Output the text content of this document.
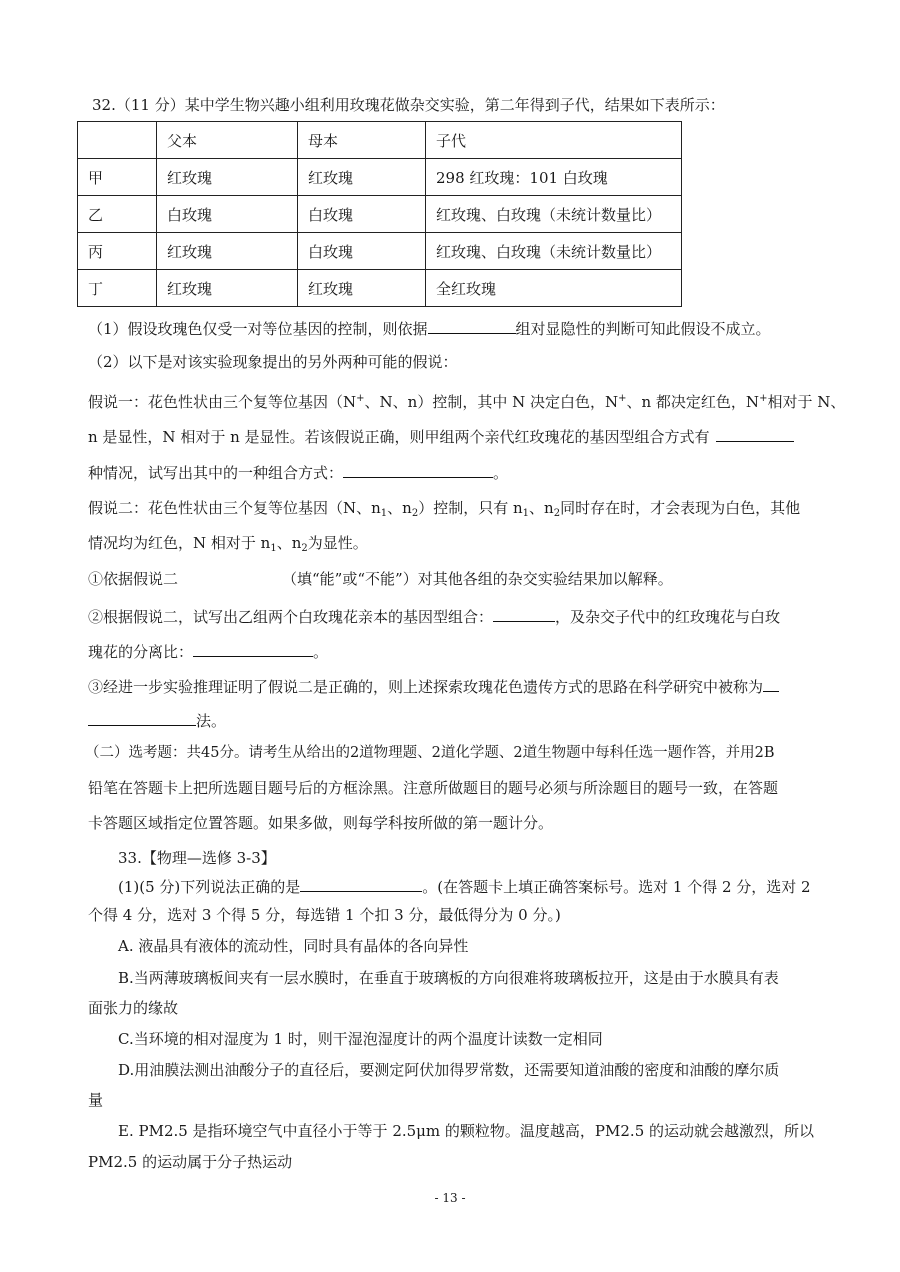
32.（11 分）某中学生物兴趣小组利用玫瑰花做杂交实验，第二年得到子代，结果如下表所示：
	父本	母本	子代
甲	红玫瑰	红玫瑰	298 红玫瑰：101 白玫瑰
乙	白玫瑰	白玫瑰	红玫瑰、白玫瑰（未统计数量比）
丙	红玫瑰	白玫瑰	红玫瑰、白玫瑰（未统计数量比）
丁	红玫瑰	红玫瑰	全红玫瑰
（1）假设玫瑰色仅受一对等位基因的控制，则依据	组对显隐性的判断可知此假设不成立。
（2）以下是对该实验现象提出的另外两种可能的假说：
假说一：花色性状由三个复等位基因（N+、N、n）控制，其中 N 决定白色，N+、n 都决定红色，N+相对于 N、
n 是显性，N 相对于 n 是显性。若该假说正确，则甲组两个亲代红玫瑰花的基因型组合方式有
种情况，试写出其中的一种组合方式：	。
假说二：花色性状由三个复等位基因（N、$n_1$、$n_2$）控制，只有 $n_1$、$n_2$同时存在时，才会表现为白色，其他
情况均为红色，N 相对于 $n_1$、$n_2$为显性。
①依据假说二	（填“能”或“不能”）对其他各组的杂交实验结果加以解释。
②根据假说二，试写出乙组两个白玫瑰花亲本的基因型组合：	，及杂交子代中的红玫瑰花与白玫
瑰花的分离比：	。
③经进一步实验推理证明了假说二是正确的，则上述探索玫瑰花色遗传方式的思路在科学研究中被称为
法。
（二）选考题：共45分。请考生从给出的2道物理题、2道化学题、2道生物题中每科任选一题作答，并用2B
铅笔在答题卡上把所选题目题号后的方框涂黑。注意所做题目的题号必须与所涂题目的题号一致，在答题
卡答题区域指定位置答题。如果多做，则每学科按所做的第一题计分。
33.【物理—选修 3-3】
(1)(5 分)下列说法正确的是	。(在答题卡上填正确答案标号。选对 1 个得 2 分，选对 2
个得 4 分，选对 3 个得 5 分，每选错 1 个扣 3 分，最低得分为 0 分。)
A. 液晶具有液体的流动性，同时具有晶体的各向异性
B.当两薄玻璃板间夹有一层水膜时，在垂直于玻璃板的方向很难将玻璃板拉开，这是由于水膜具有表
面张力的缘故
C.当环境的相对湿度为 1 时，则干湿泡湿度计的两个温度计读数一定相同
D.用油膜法测出油酸分子的直径后，要测定阿伏加得罗常数，还需要知道油酸的密度和油酸的摩尔质
量
E. PM2.5 是指环境空气中直径小于等于 2.5μm 的颗粒物。温度越高，PM2.5 的运动就会越激烈，所以
PM2.5 的运动属于分子热运动
- 13 -
